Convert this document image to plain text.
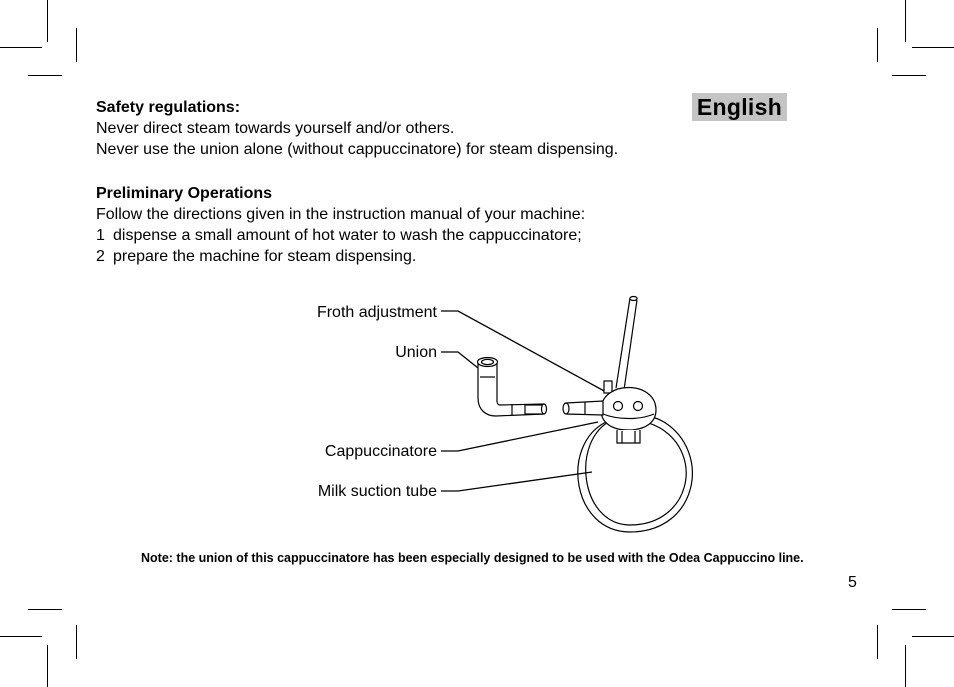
English
Safety regulations:
Never direct steam towards yourself and/or others.
Never use the union alone (without cappuccinatore) for steam dispensing.
Preliminary Operations
Follow the directions given in the instruction manual of your machine:
1 dispense a small amount of hot water to wash the cappuccinatore;
2 prepare the machine for steam dispensing.
Froth adjustment
Union
Cappuccinatore
Milk suction tube
Note: the union of this cappuccinatore has been especially designed to be used with the Odea Cappuccino line.
5
